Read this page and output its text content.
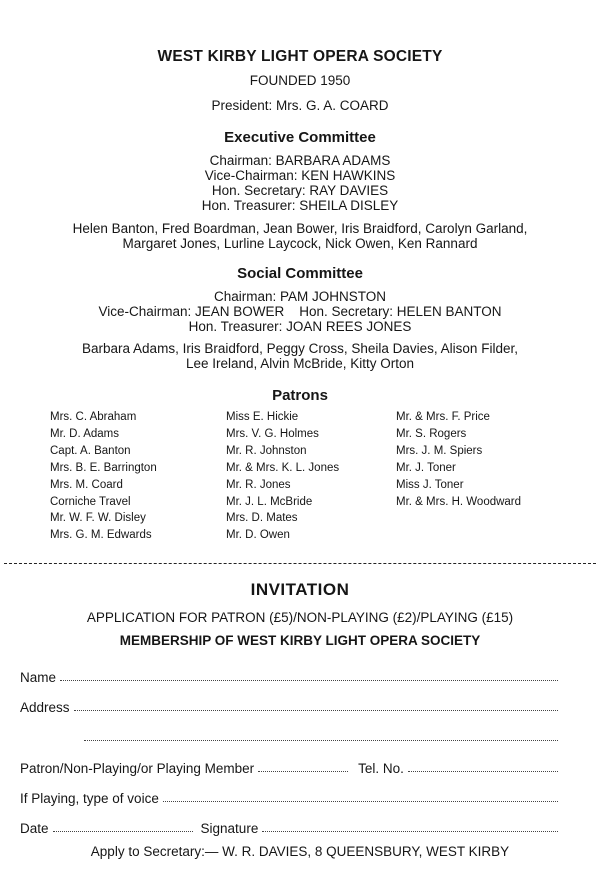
WEST KIRBY LIGHT OPERA SOCIETY
FOUNDED 1950
President: Mrs. G. A. COARD
Executive Committee
Chairman: BARBARA ADAMS
Vice-Chairman: KEN HAWKINS
Hon. Secretary: RAY DAVIES
Hon. Treasurer: SHEILA DISLEY
Helen Banton, Fred Boardman, Jean Bower, Iris Braidford, Carolyn Garland,
Margaret Jones, Lurline Laycock, Nick Owen, Ken Rannard
Social Committee
Chairman: PAM JOHNSTON
Vice-Chairman: JEAN BOWER    Hon. Secretary: HELEN BANTON
Hon. Treasurer: JOAN REES JONES
Barbara Adams, Iris Braidford, Peggy Cross, Sheila Davies, Alison Filder,
Lee Ireland, Alvin McBride, Kitty Orton
Patrons
Mrs. C. Abraham
Mr. D. Adams
Capt. A. Banton
Mrs. B. E. Barrington
Mrs. M. Coard
Corniche Travel
Mr. W. F. W. Disley
Mrs. G. M. Edwards
Miss E. Hickie
Mrs. V. G. Holmes
Mr. R. Johnston
Mr. & Mrs. K. L. Jones
Mr. R. Jones
Mr. J. L. McBride
Mrs. D. Mates
Mr. D. Owen
Mr. & Mrs. F. Price
Mr. S. Rogers
Mrs. J. M. Spiers
Mr. J. Toner
Miss J. Toner
Mr. & Mrs. H. Woodward
INVITATION
APPLICATION FOR PATRON (£5)/NON-PLAYING (£2)/PLAYING (£15)
MEMBERSHIP OF WEST KIRBY LIGHT OPERA SOCIETY
Name
Address
Patron/Non-Playing/or Playing Member	Tel. No.
If Playing, type of voice
Date	Signature
Apply to Secretary:— W. R. DAVIES, 8 QUEENSBURY, WEST KIRBY
